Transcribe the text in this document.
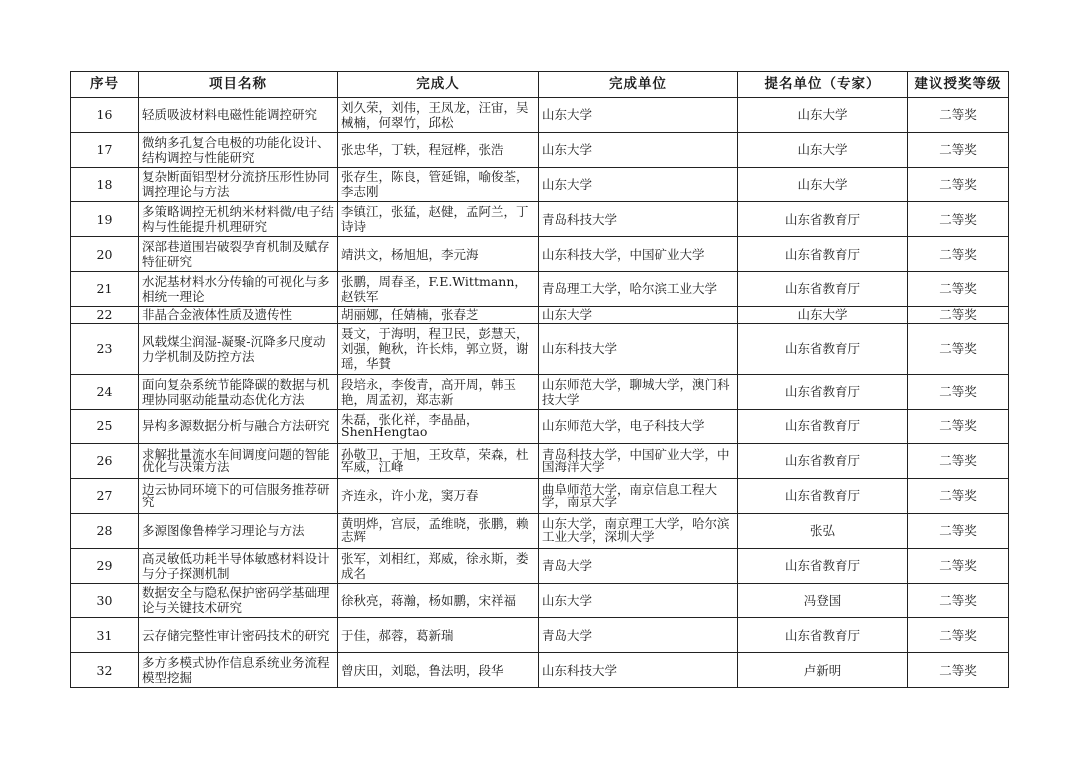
序号	项目名称	完成人	完成单位	提名单位（专家）	建议授奖等级
16	轻质吸波材料电磁性能调控研究	刘久荣，刘伟，王凤龙，汪宙，吴械楠，何翠竹，邱松	山东大学	山东大学	二等奖
17	微纳多孔复合电极的功能化设计、结构调控与性能研究	张忠华，丁轶，程冠桦，张浩	山东大学	山东大学	二等奖
18	复杂断面铝型材分流挤压形性协同调控理论与方法	张存生，陈良，管延锦，喻俊荃，李志刚	山东大学	山东大学	二等奖
19	多策略调控无机纳米材料微/电子结构与性能提升机理研究	李镇江，张猛，赵健，孟阿兰，丁诗诗	青岛科技大学	山东省教育厅	二等奖
20	深部巷道围岩破裂孕育机制及赋存特征研究	靖洪文，杨旭旭，李元海	山东科技大学，中国矿业大学	山东省教育厅	二等奖
21	水泥基材料水分传输的可视化与多相统一理论	张鹏，周春圣，F.E.Wittmann，赵铁军	青岛理工大学，哈尔滨工业大学	山东省教育厅	二等奖
22	非晶合金液体性质及遗传性	胡丽娜，任婧楠，张春芝	山东大学	山东大学	二等奖
23	风载煤尘润湿-凝聚-沉降多尺度动力学机制及防控方法	聂文，于海明，程卫民，彭慧天，刘强，鲍秋，许长炜，郭立贤，谢瑶，华賛	山东科技大学	山东省教育厅	二等奖
24	面向复杂系统节能降碳的数据与机理协同驱动能量动态优化方法	段培永，李俊青，高开周，韩玉艳，周孟初，郑志新	山东师范大学，聊城大学，澳门科技大学	山东省教育厅	二等奖
25	异构多源数据分析与融合方法研究	朱磊，张化祥，李晶晶，ShenHengtao	山东师范大学，电子科技大学	山东省教育厅	二等奖
26	求解批量流水车间调度问题的智能优化与决策方法	孙敬卫，于旭，王玫草，荣森，杜军威，江峰	青岛科技大学，中国矿业大学，中国海洋大学	山东省教育厅	二等奖
27	边云协同环境下的可信服务推荐研究	齐连永，许小龙，窦万春	曲阜师范大学，南京信息工程大学，南京大学	山东省教育厅	二等奖
28	多源图像鲁棒学习理论与方法	黄明烨，宫辰，孟维晓，张鹏，赖志辉	山东大学，南京理工大学，哈尔滨工业大学，深圳大学	张弘	二等奖
29	高灵敏低功耗半导体敏感材料设计与分子探测机制	张军，刘相红，郑威，徐永斯，娄成名	青岛大学	山东省教育厅	二等奖
30	数据安全与隐私保护密码学基础理论与关键技术研究	徐秋亮，蒋瀚，杨如鹏，宋祥福	山东大学	冯登国	二等奖
31	云存储完整性审计密码技术的研究	于佳，郝蓉，葛新瑞	青岛大学	山东省教育厅	二等奖
32	多方多模式协作信息系统业务流程模型挖掘	曾庆田，刘聪，鲁法明，段华	山东科技大学	卢新明	二等奖
